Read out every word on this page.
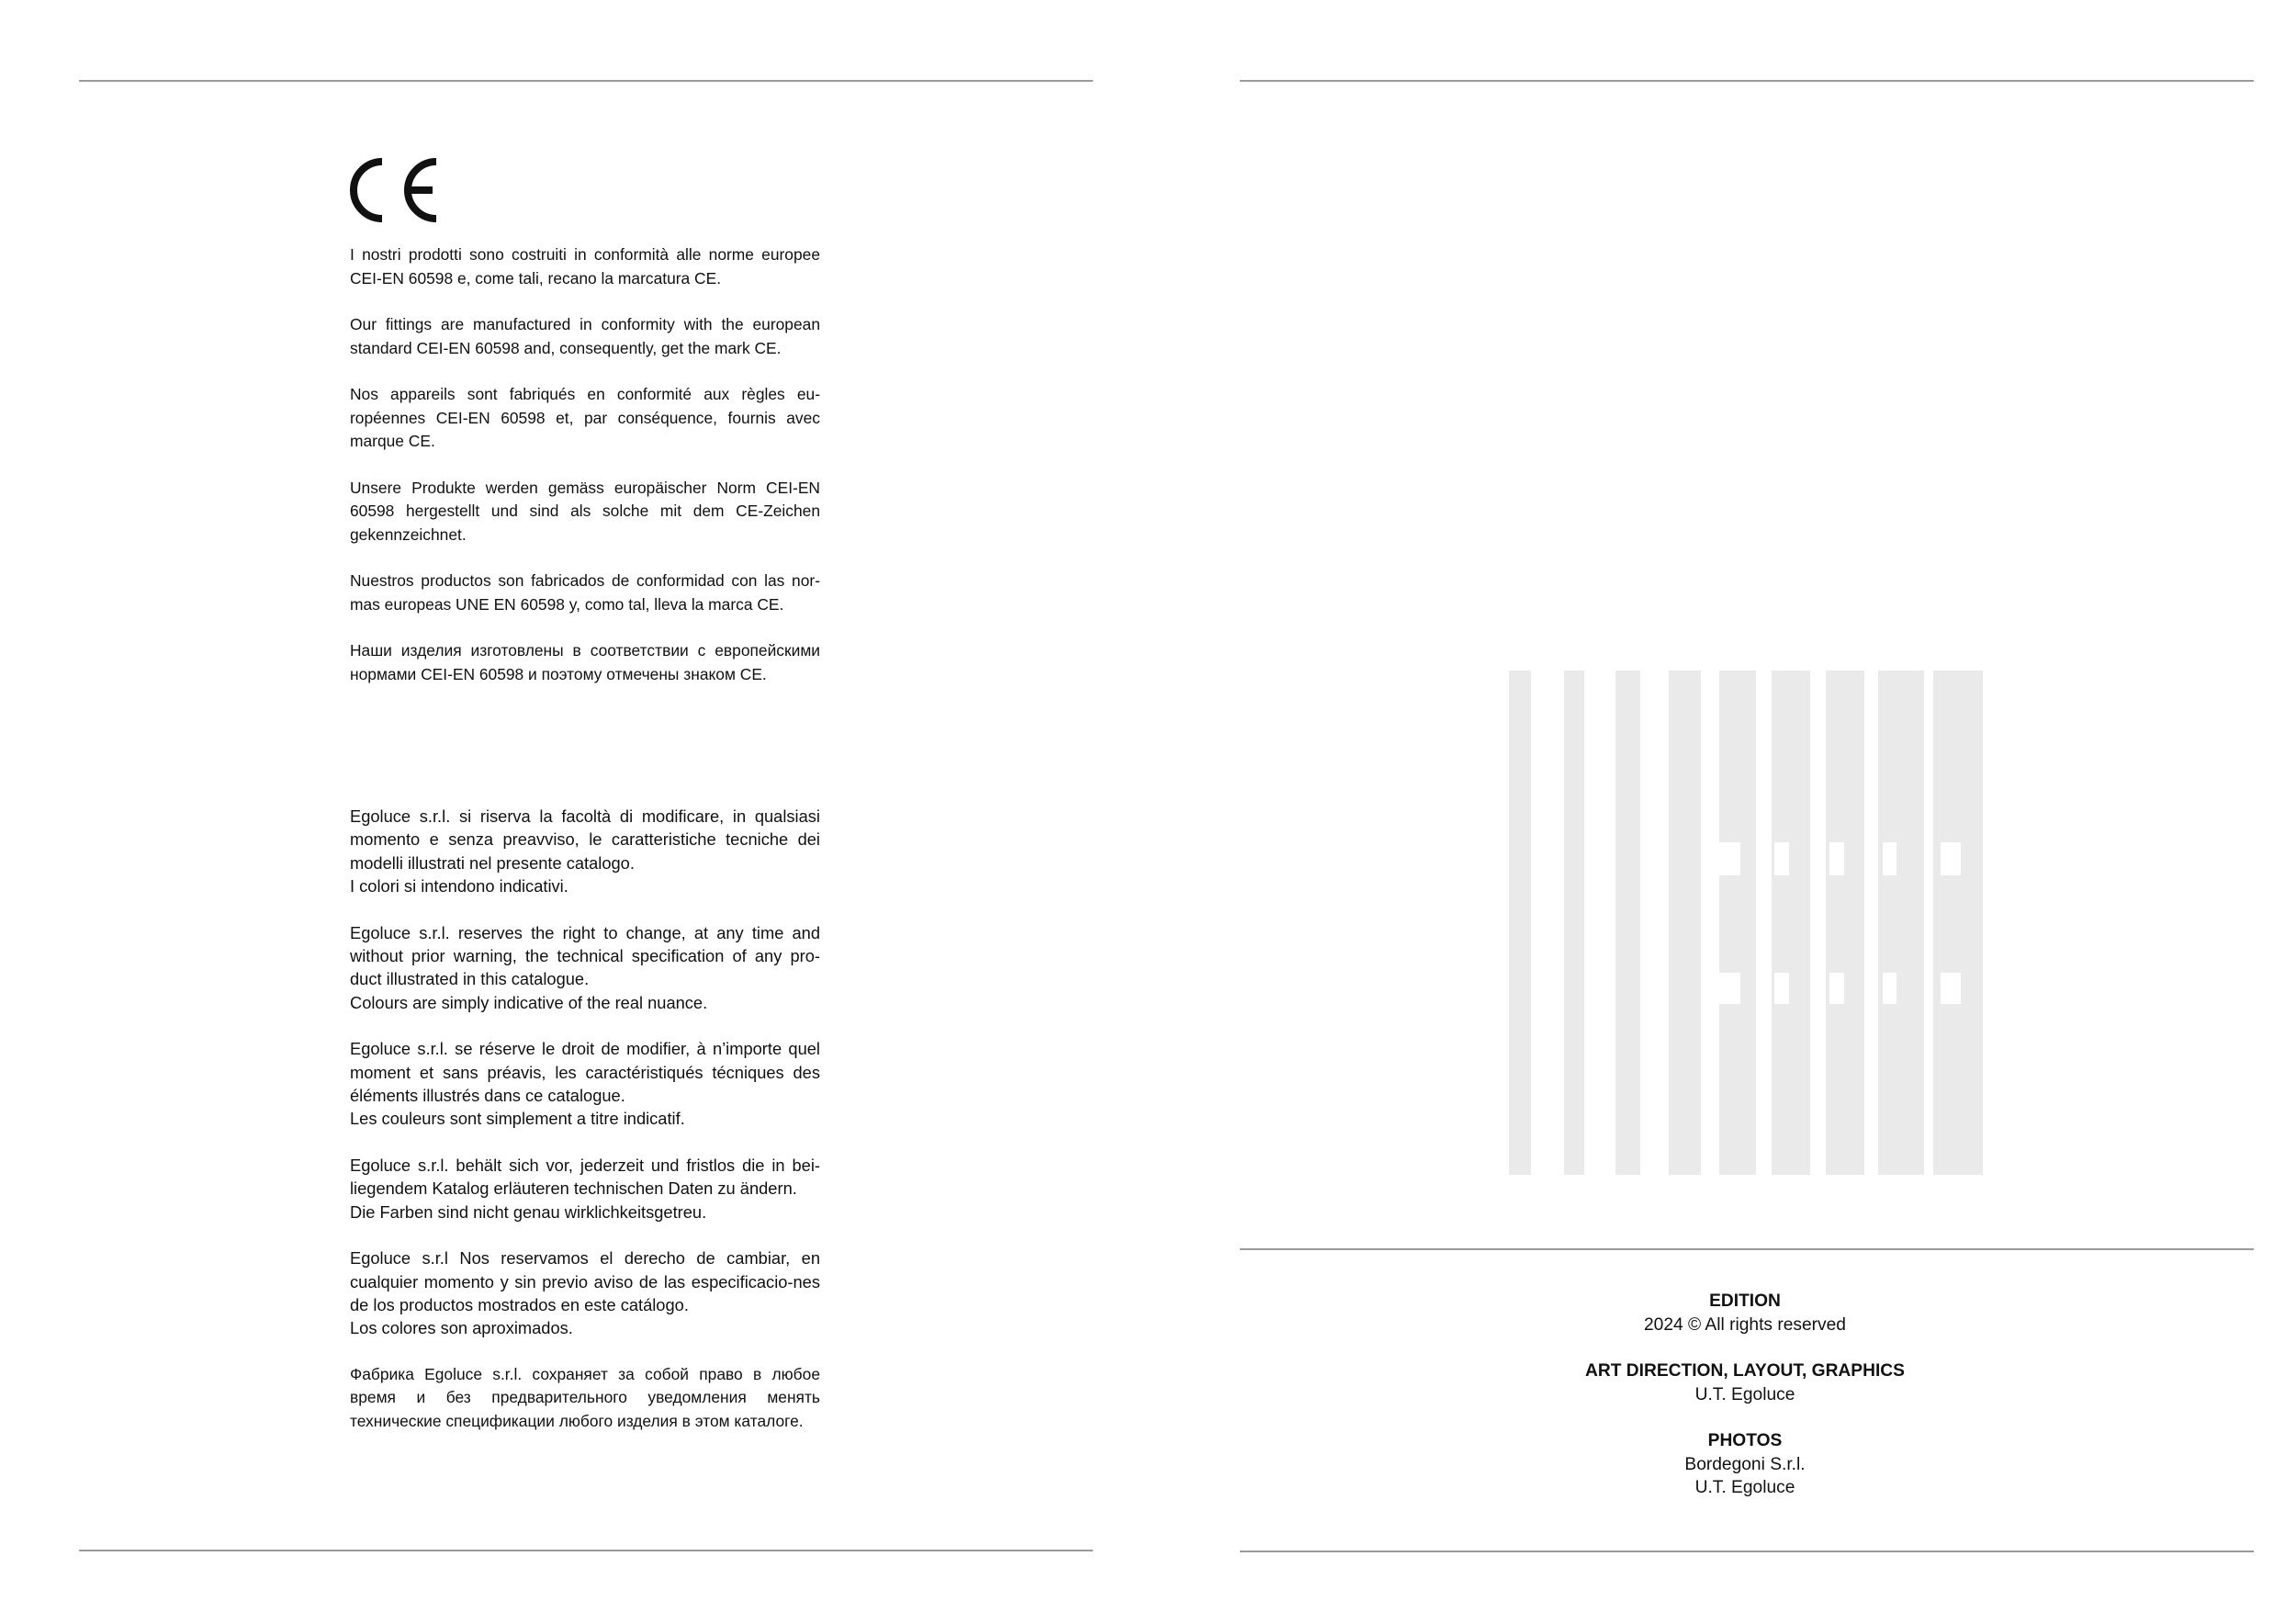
I nostri prodotti sono costruiti in conformità alle norme europee CEI-EN 60598 e, come tali, recano la marcatura CE.

Our fittings are manufactured in conformity with the european standard CEI-EN 60598 and, consequently, get the mark CE.

Nos appareils sont fabriqués en conformité aux règles eu-ropéennes CEI-EN 60598 et, par conséquence, fournis avec marque CE.

Unsere Produkte werden gemäss europäischer Norm CEI-EN 60598 hergestellt und sind als solche mit dem CE-Zeichen gekennzeichnet.

Nuestros productos son fabricados de conformidad con las nor-mas europeas UNE EN 60598 y, como tal, lleva la marca CE.

Наши изделия изготовлены в соответствии с европейскими нормами CEI-EN 60598 и поэтому отмечены знаком CE.

Egoluce s.r.l. si riserva la facoltà di modificare, in qualsiasi momento e senza preavviso, le caratteristiche tecniche dei modelli illustrati nel presente catalogo.

I colori si intendono indicativi.

Egoluce s.r.l. reserves the right to change, at any time and without prior warning, the technical specification of any pro-duct illustrated in this catalogue.

Colours are simply indicative of the real nuance.

Egoluce s.r.l. se réserve le droit de modifier, à n’importe quel moment et sans préavis, les caractéristiqués técniques des éléments illustrés dans ce catalogue.

Les couleurs sont simplement a titre indicatif.

Egoluce s.r.l. behält sich vor, jederzeit und fristlos die in bei-liegendem Katalog erläuteren technischen Daten zu ändern.

Die Farben sind nicht genau wirklichkeitsgetreu.

Egoluce s.r.l Nos reservamos el derecho de cambiar, en cualquier momento y sin previo aviso de las especificacio-nes de los productos mostrados en este catálogo.

Los colores son aproximados.

Фабрика Egoluce s.r.l. сохраняет за собой право в любое время и без предварительного уведомления менять технические спецификации любого изделия в этом каталоге.

EDITION
2024 © All rights reserved
ART DIRECTION, LAYOUT, GRAPHICS
U.T. Egoluce
PHOTOS
Bordegoni S.r.l.
U.T. Egoluce
